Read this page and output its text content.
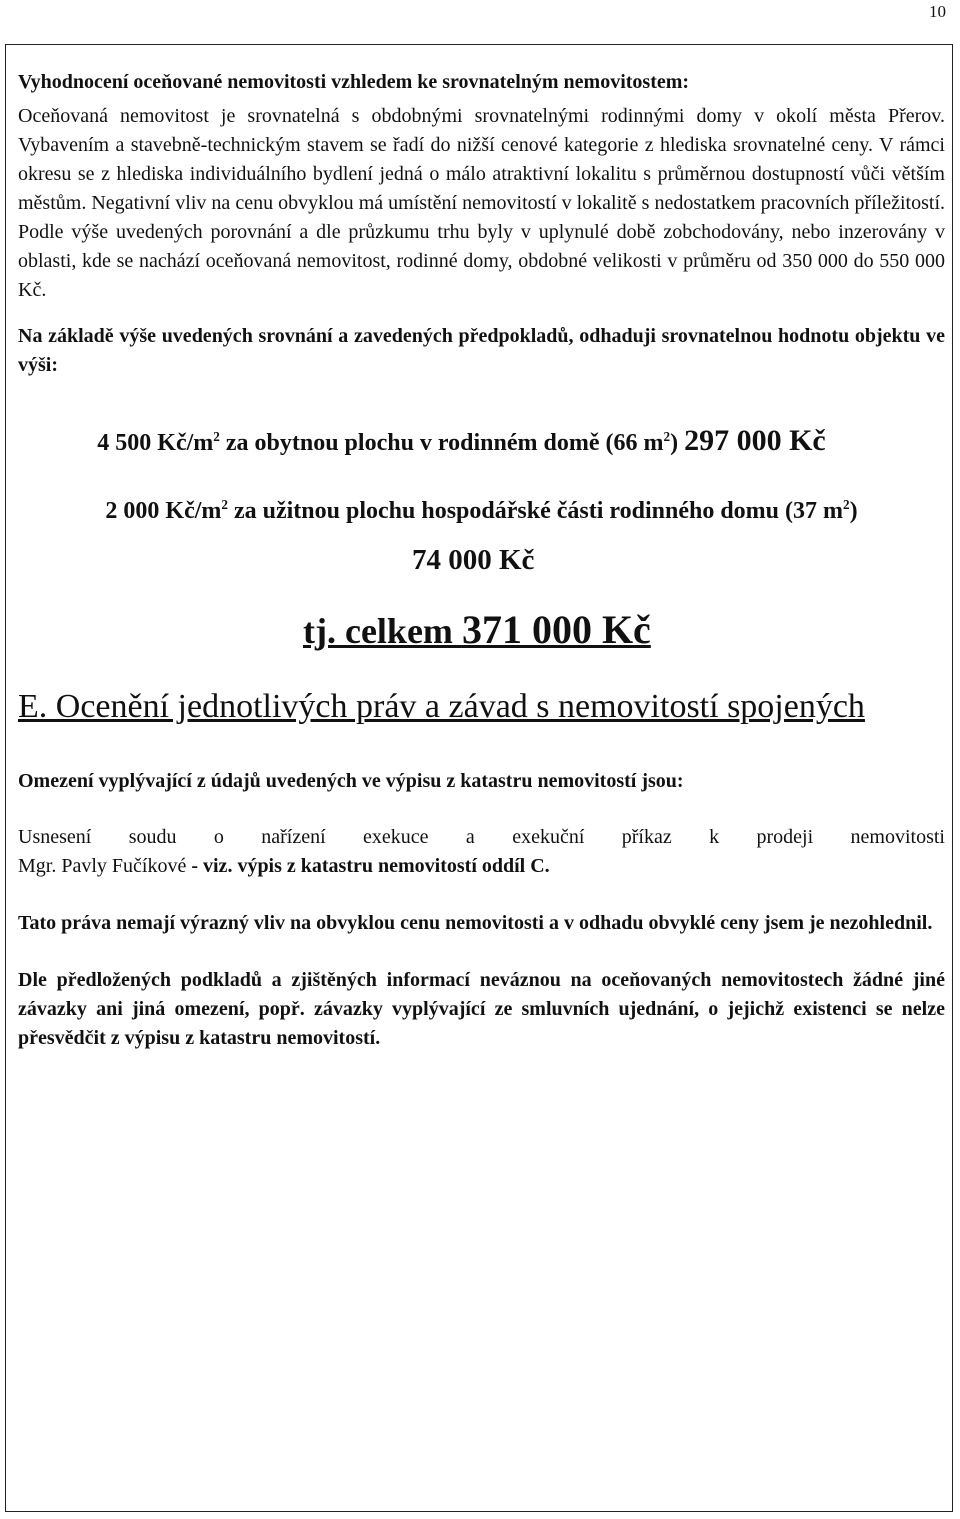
10
Vyhodnocení oceňované nemovitosti vzhledem ke srovnatelným nemovitostem:

Oceňovaná nemovitost je srovnatelná s obdobnými srovnatelnými rodinnými domy v okolí města Přerov. Vybavením a stavebně-technickým stavem se řadí do nižší cenové kategorie z hlediska srovnatelné ceny. V rámci okresu se z hlediska individuálního bydlení jedná o málo atraktivní lokalitu s průměrnou dostupností vůči větším městům. Negativní vliv na cenu obvyklou má umístění nemovitostí v lokalitě s nedostatkem pracovních příležitostí. Podle výše uvedených porovnání a dle průzkumu trhu byly v uplynulé době zobchodovány, nebo inzerovány v oblasti, kde se nachází oceňovaná nemovitost, rodinné domy, obdobné velikosti v průměru od 350 000 do 550 000 Kč.

Na základě výše uvedených srovnání a zavedených předpokladů, odhaduji srovnatelnou hodnotu objektu ve výši:

4 500 $Kč/m^2$ za obytnou plochu v rodinném domě (66 $m^2$) 297 000 Kč
2 000 $Kč/m^2$ za užitnou plochu hospodářské části rodinného domu (37 $m^2$)
74 000 Kč
tj. celkem 371 000 Kč
E. Ocenění jednotlivých práv a závad s nemovitostí spojených
Omezení vyplývající z údajů uvedených ve výpisu z katastru nemovitostí jsou:
Usnesení soudu o nařízení exekuce a exekuční příkaz k prodeji nemovitosti
Mgr. Pavly Fučíkové - viz. výpis z katastru nemovitostí oddíl C.
Tato práva nemají výrazný vliv na obvyklou cenu nemovitosti a v odhadu obvyklé ceny jsem je nezohlednil.
Dle předložených podkladů a zjištěných informací neváznou na oceňovaných nemovitostech žádné jiné závazky ani jiná omezení, popř. závazky vyplývající ze smluvních ujednání, o jejichž existenci se nelze přesvědčit z výpisu z katastru nemovitostí.
